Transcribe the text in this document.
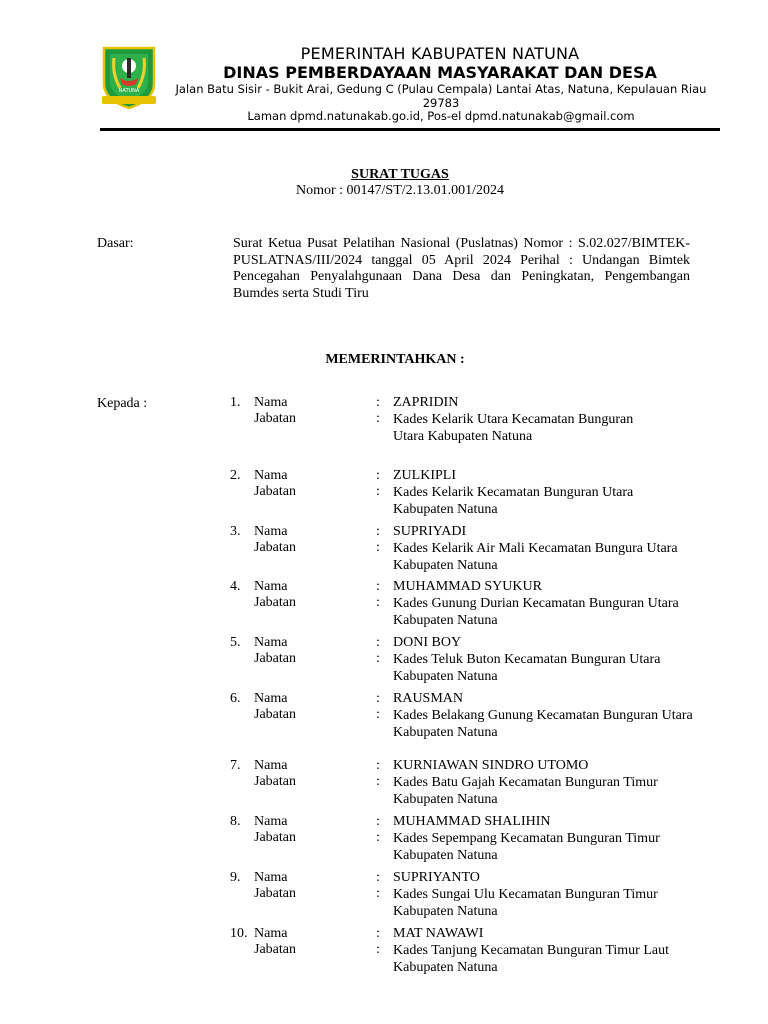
NATUNA
PEMERINTAH KABUPATEN NATUNA
DINAS PEMBERDAYAAN MASYARAKAT DAN DESA
Jalan Batu Sisir - Bukit Arai, Gedung C (Pulau Cempala) Lantai Atas, Natuna, Kepulauan Riau 29783
Laman dpmd.natunakab.go.id, Pos-el dpmd.natunakab@gmail.com
SURAT TUGAS
Nomor : 00147/ST/2.13.01.001/2024
Dasar:	Surat Ketua Pusat Pelatihan Nasional (Puslatnas) Nomor : S.02.027/BIMTEK-PUSLATNAS/III/2024 tanggal 05 April 2024 Perihal : Undangan Bimtek Pencegahan Penyalahgunaan Dana Desa dan Peningkatan, Pengembangan Bumdes serta Studi Tiru
MEMERINTAHKAN :
Kepada :	1. Nama
Jabatan
:
:
ZAPRIDIN
Kades Kelarik Utara Kecamatan Bunguran Utara Kabupaten Natuna
2. Nama
Jabatan
:
:
ZULKIPLI
Kades Kelarik Kecamatan Bunguran Utara Kabupaten Natuna
3. Nama
Jabatan
:
:
SUPRIYADI
Kades Kelarik Air Mali Kecamatan Bungura Utara Kabupaten Natuna
4. Nama
Jabatan
:
:
MUHAMMAD SYUKUR
Kades Gunung Durian Kecamatan Bunguran Utara Kabupaten Natuna
5. Nama
Jabatan
:
:
DONI BOY
Kades Teluk Buton Kecamatan Bunguran Utara Kabupaten Natuna
6. Nama
Jabatan
:
:
RAUSMAN
Kades Belakang Gunung Kecamatan Bunguran Utara Kabupaten Natuna
7. Nama
Jabatan
:
:
KURNIAWAN SINDRO UTOMO
Kades Batu Gajah Kecamatan Bunguran Timur Kabupaten Natuna
8. Nama
Jabatan
:
:
MUHAMMAD SHALIHIN
Kades Sepempang Kecamatan Bunguran Timur Kabupaten Natuna
9. Nama
Jabatan
:
:
SUPRIYANTO
Kades Sungai Ulu Kecamatan Bunguran Timur Kabupaten Natuna
10. Nama
Jabatan
:
:
MAT NAWAWI
Kades Tanjung Kecamatan Bunguran Timur Laut Kabupaten Natuna
